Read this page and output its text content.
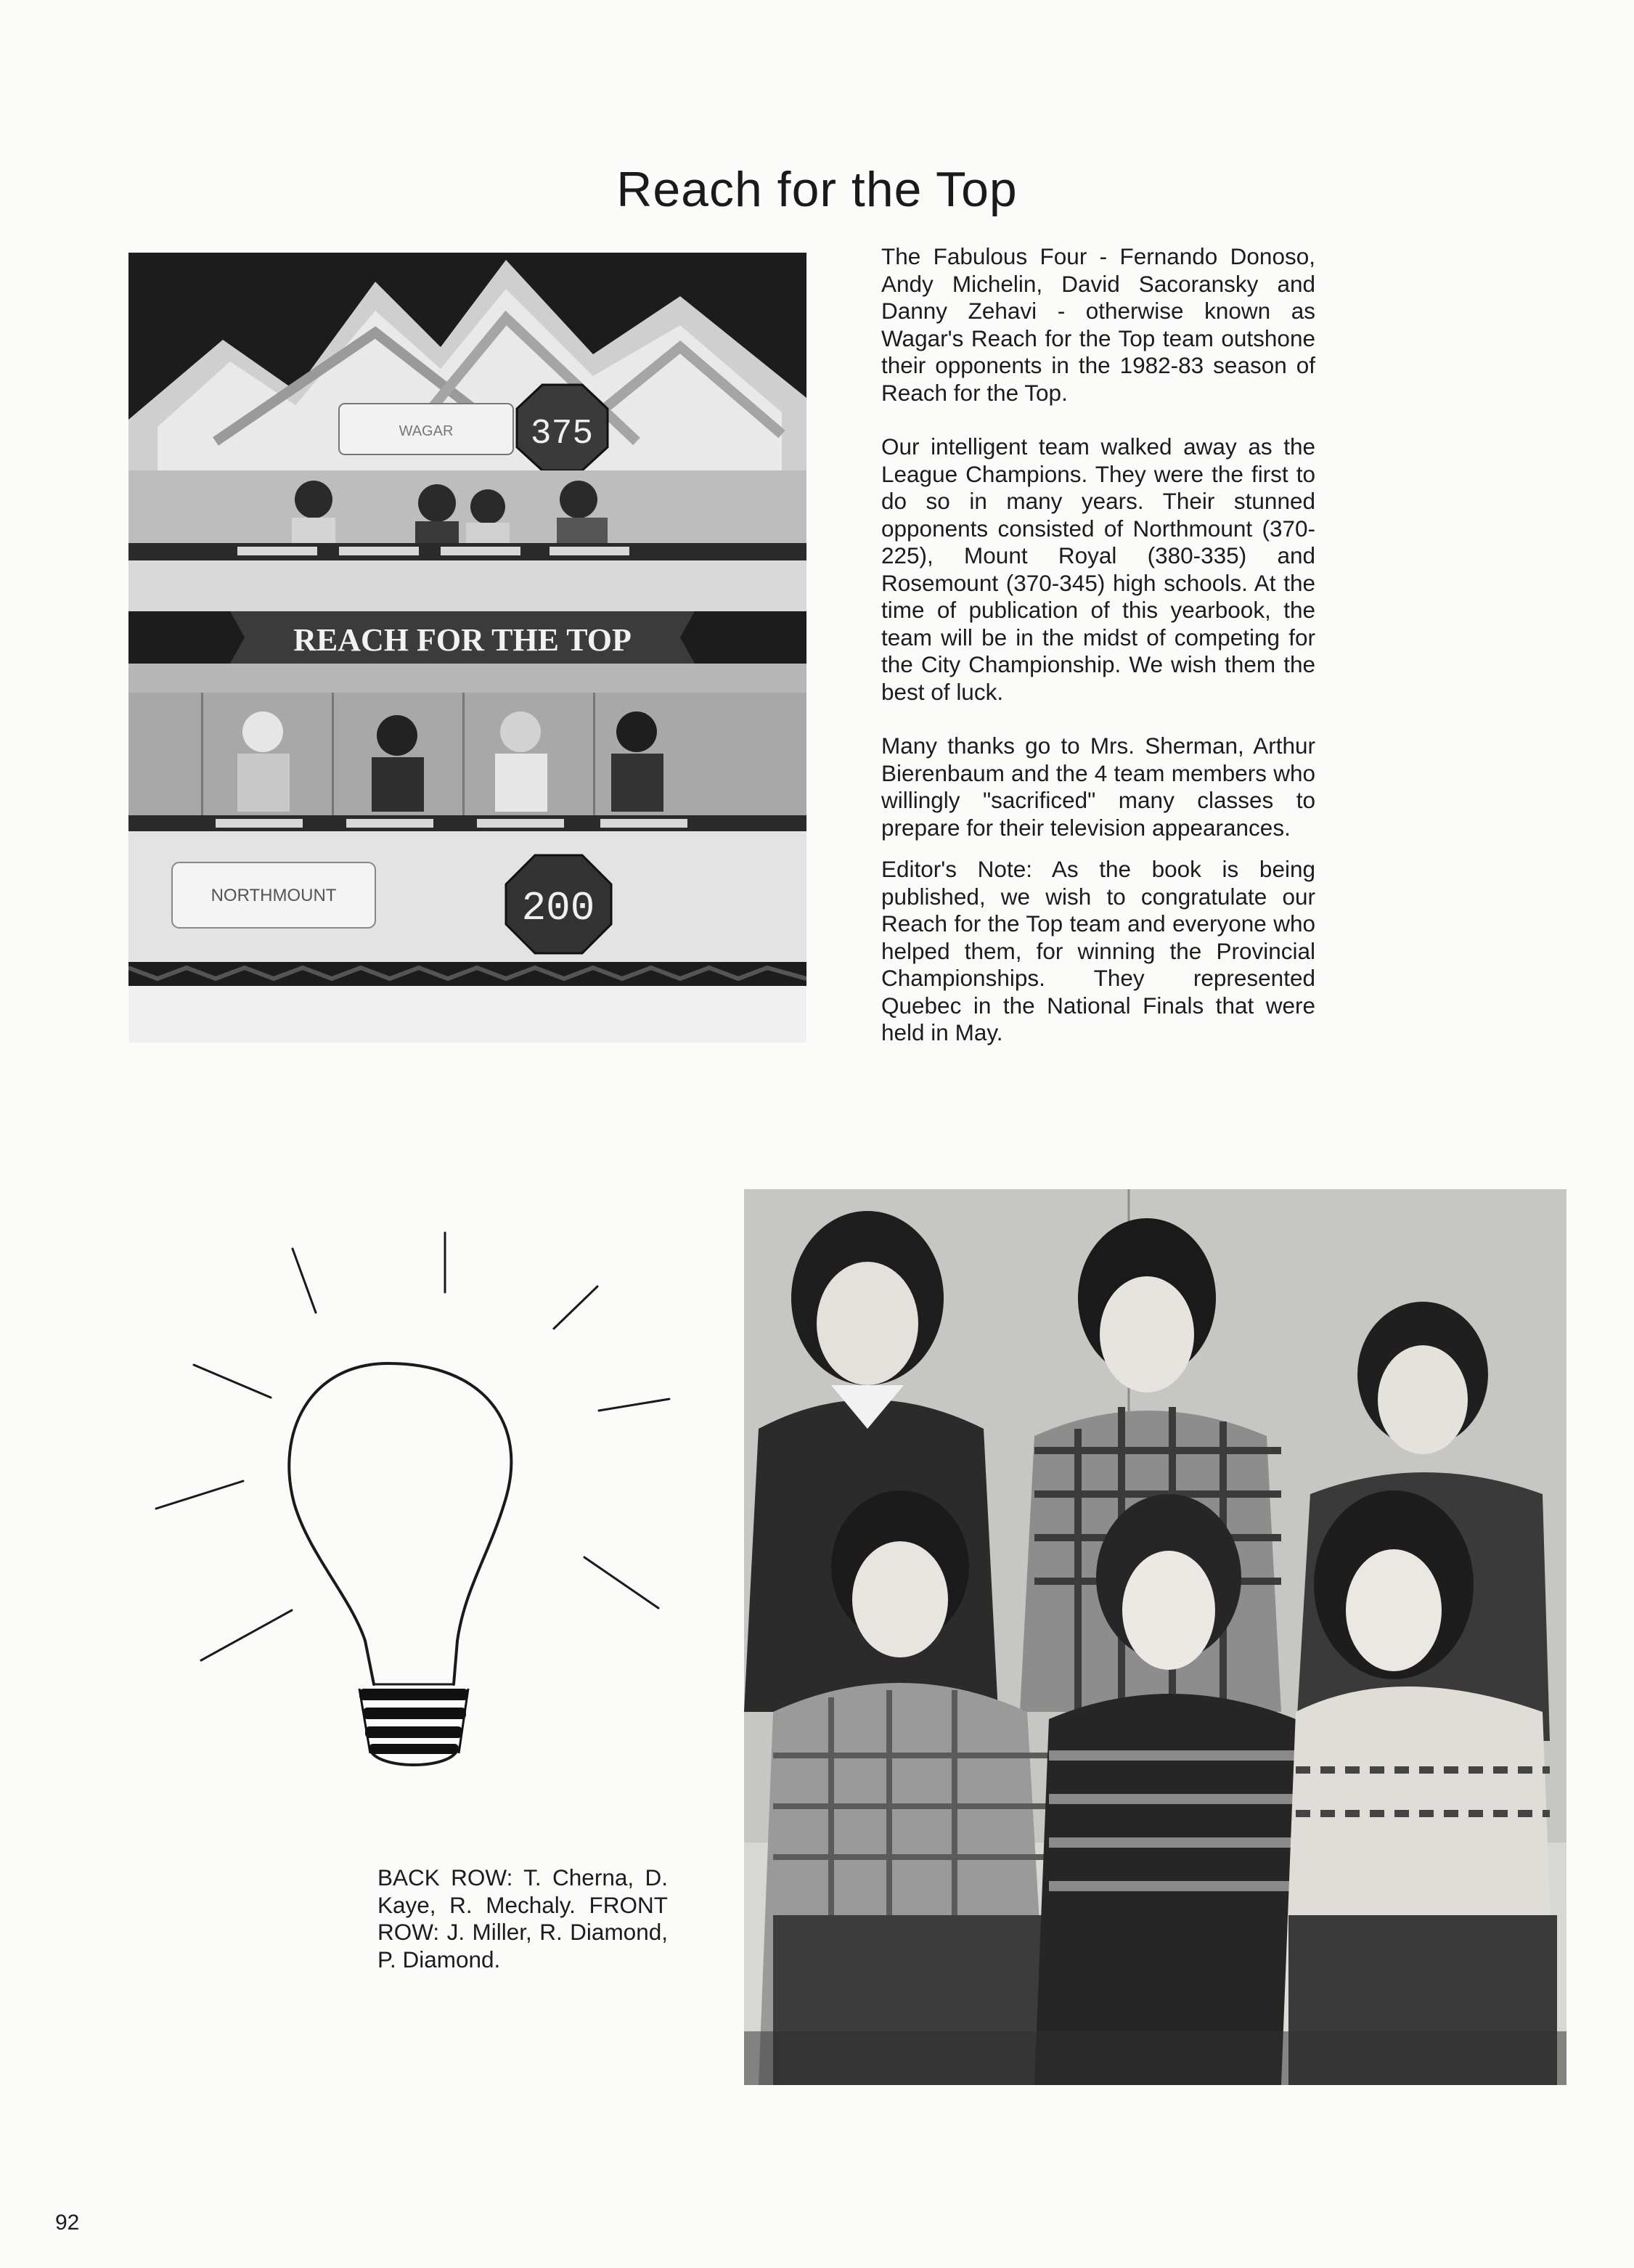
Reach for the Top
WAGAR 375
REACH FOR THE TOP
NORTHMOUNT	200

The Fabulous Four - Fernando Donoso, Andy Michelin, David Sacoransky and Danny Zehavi - otherwise known as Wagar's Reach for the Top team outshone their opponents in the 1982-83 season of Reach for the Top.

Our intelligent team walked away as the League Champions. They were the first to do so in many years. Their stunned opponents consisted of Northmount (370-225), Mount Royal (380-335) and Rosemount (370-345) high schools. At the time of publication of this yearbook, the team will be in the midst of competing for the City Championship. We wish them the best of luck.

Many thanks go to Mrs. Sherman, Arthur Bierenbaum and the 4 team members who willingly "sacrificed" many classes to prepare for their television appearances.

Editor's Note: As the book is being published, we wish to congratulate our Reach for the Top team and everyone who helped them, for winning the Provincial Championships. They represented Quebec in the National Finals that were held in May.

BACK ROW: T. Cherna, D. Kaye, R. Mechaly. FRONT ROW: J. Miller, R. Diamond, P. Diamond.
92
